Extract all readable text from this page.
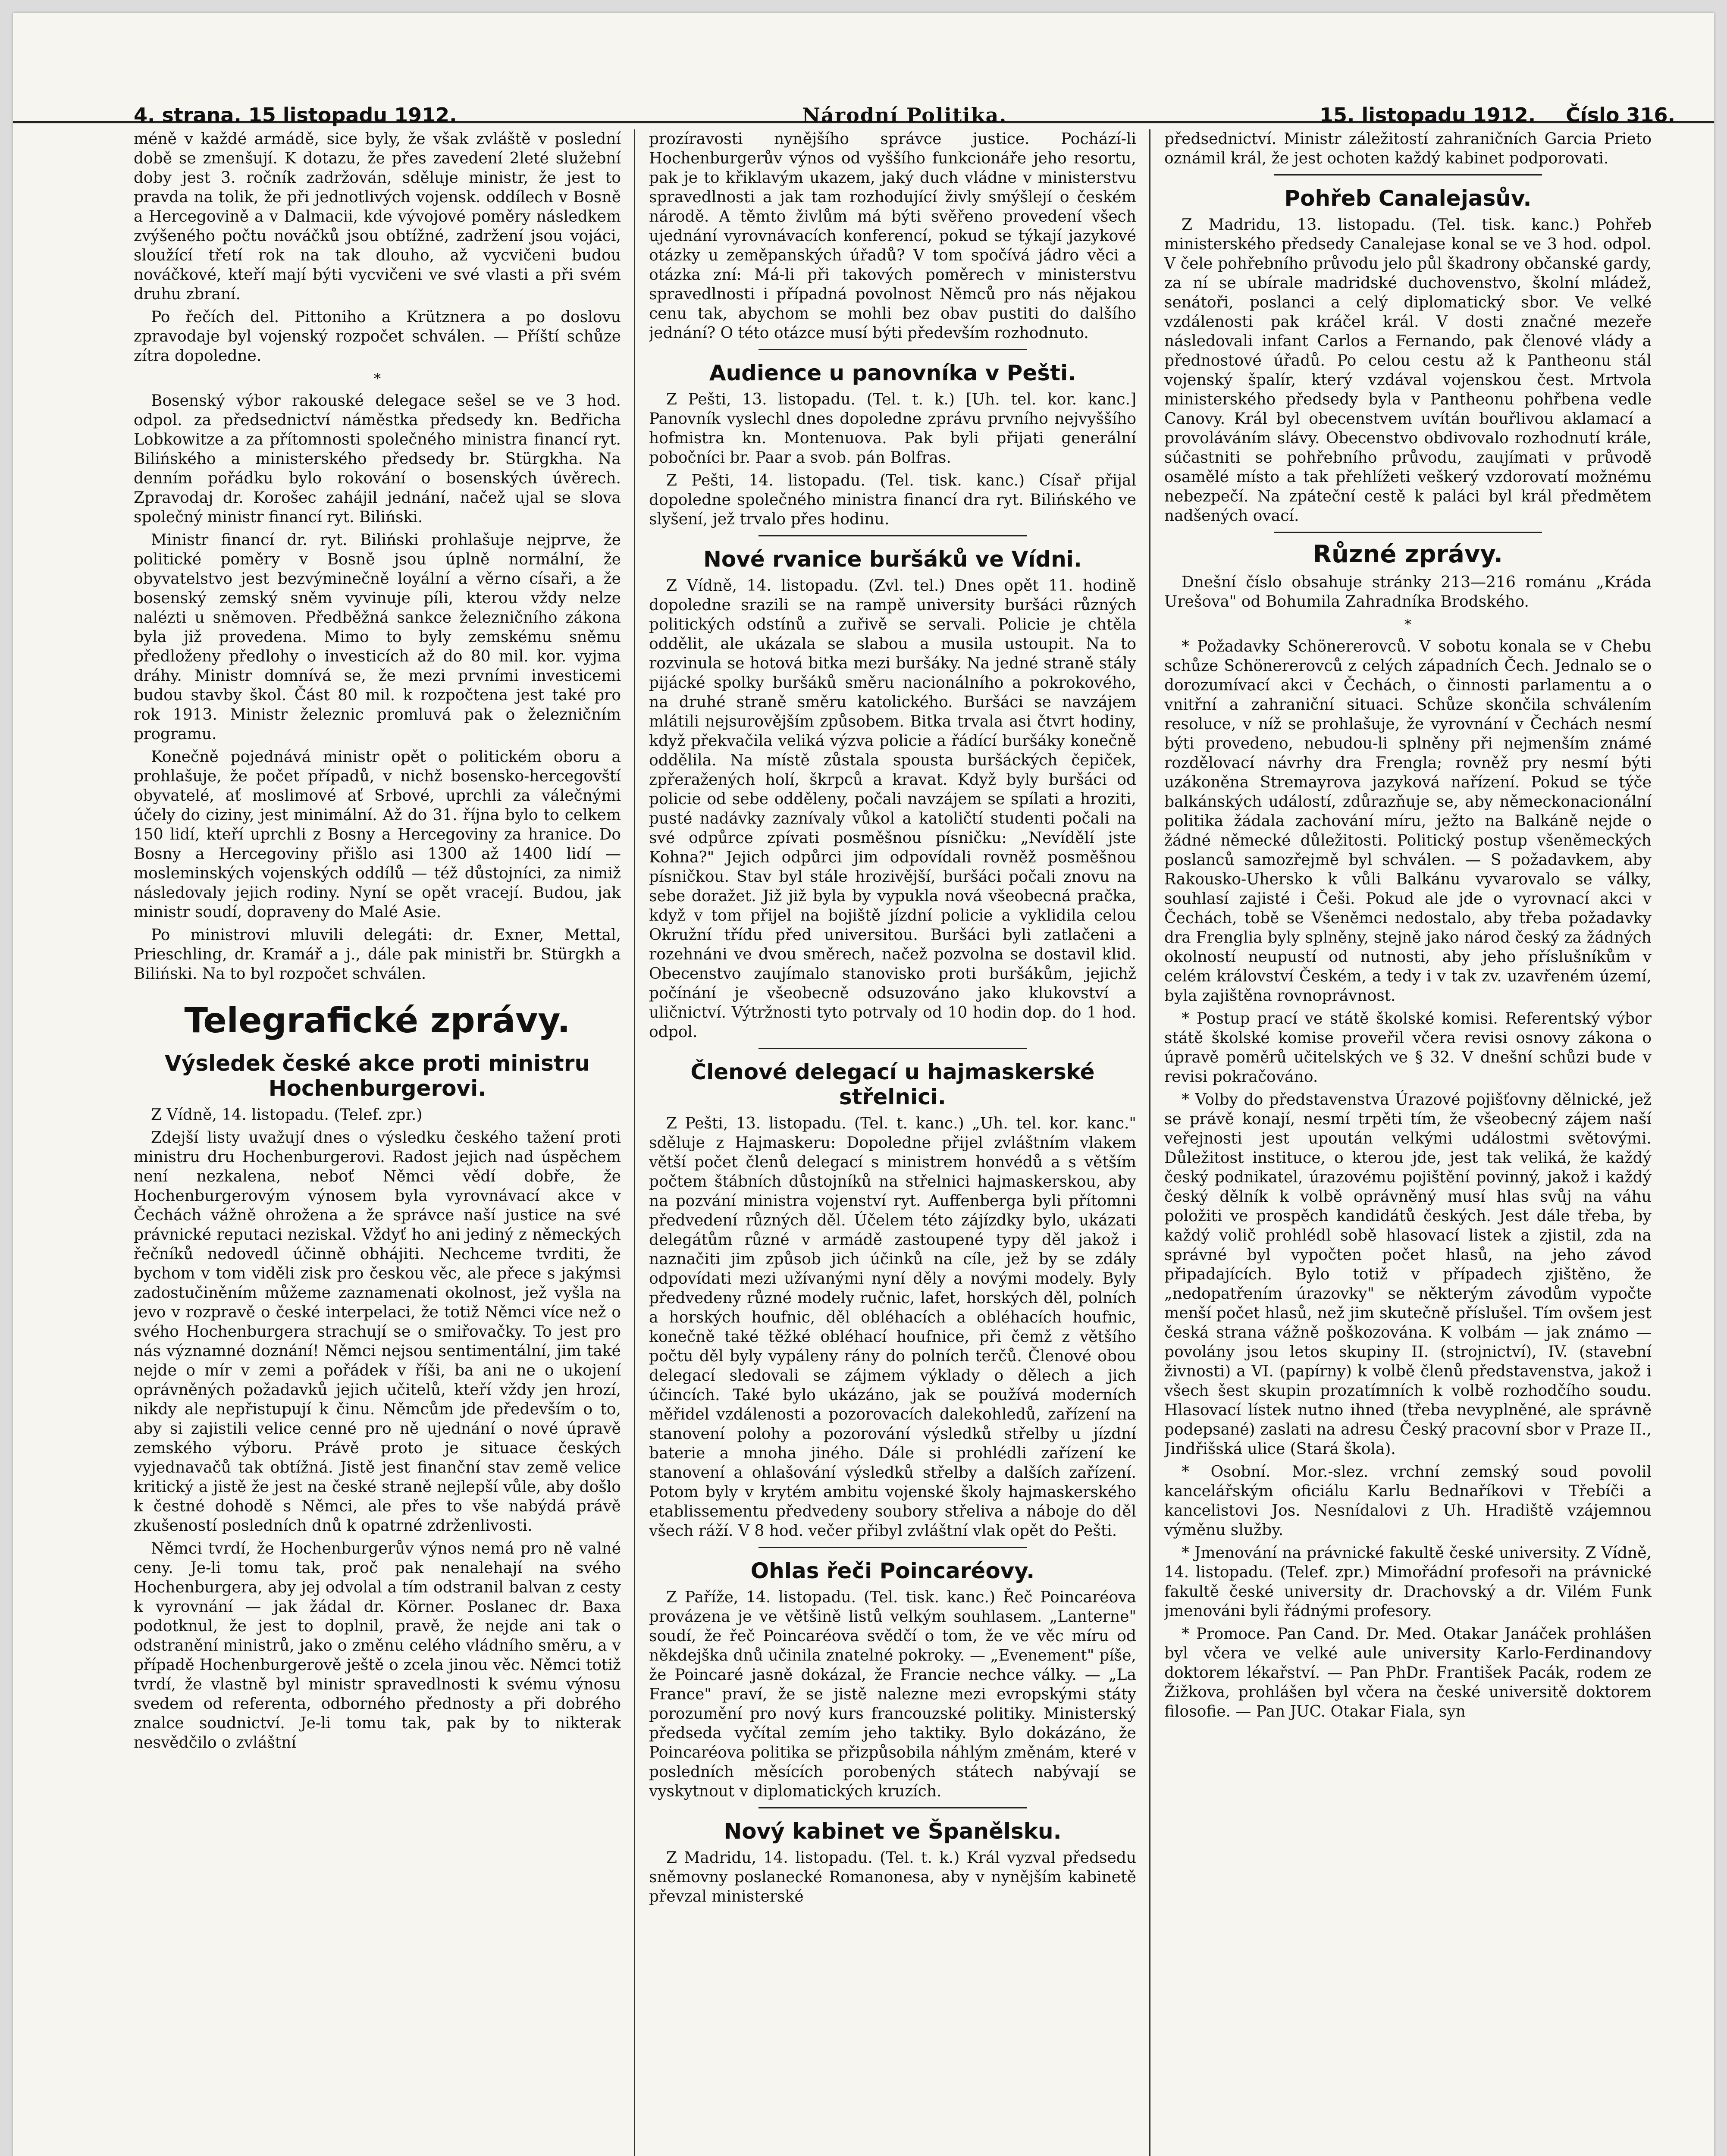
4. strana. 15 listopadu 1912.	Národní Politika.	15. listopadu 1912. Číslo 316.

méně v každé armádě, sice byly, že však zvláště v poslední době se zmenšují. K dotazu, že přes zavedení 2leté služební doby jest 3. ročník zadržován, sděluje ministr, že jest to pravda na tolik, že při jednotlivých vojensk. oddílech v Bosně a Hercegovině a v Dalmacii, kde vývojové poměry následkem zvýšeného počtu nováčků jsou obtížné, zadržení jsou vojáci, sloužící třetí rok na tak dlouho, až vycvičeni budou nováčkové, kteří mají býti vycvičeni ve své vlasti a při svém druhu zbraní.

Po řečích del. Pittoniho a Krütznera a po doslovu zpravodaje byl vojenský rozpočet schválen. — Příští schůze zítra dopoledne.

*

Bosenský výbor rakouské delegace sešel se ve 3 hod. odpol. za předsednictví náměstka předsedy kn. Bedřicha Lobkowitze a za přítomnosti společného ministra financí ryt. Bilińského a ministerského předsedy br. Stürgkha. Na denním pořádku bylo rokování o bosenských úvěrech. Zpravodaj dr. Korošec zahájil jednání, načež ujal se slova společný ministr financí ryt. Biliński.

Ministr financí dr. ryt. Biliński prohlašuje nejprve, že politické poměry v Bosně jsou úplně normální, že obyvatelstvo jest bezvýminečně loyální a věrno císaři, a že bosenský zemský sněm vyvinuje píli, kterou vždy nelze nalézti u sněmoven. Předběžná sankce železničního zákona byla již provedena. Mimo to byly zemskému sněmu předloženy předlohy o investicích až do 80 mil. kor. vyjma dráhy. Ministr domnívá se, že mezi prvními investicemi budou stavby škol. Část 80 mil. k rozpočtena jest také pro rok 1913. Ministr železnic promluvá pak o železničním programu.

Konečně pojednává ministr opět o politickém oboru a prohlašuje, že počet případů, v nichž bosensko-hercegovští obyvatelé, ať moslimové ať Srbové, uprchli za válečnými účely do ciziny, jest minimální. Až do 31. října bylo to celkem 150 lidí, kteří uprchli z Bosny a Hercegoviny za hranice. Do Bosny a Hercegoviny přišlo asi 1300 až 1400 lidí — mosleminských vojenských oddílů — též důstojníci, za nimiž následovaly jejich rodiny. Nyní se opět vracejí. Budou, jak ministr soudí, dopraveny do Malé Asie.

Po ministrovi mluvili delegáti: dr. Exner, Mettal, Prieschling, dr. Kramář a j., dále pak ministři br. Stürgkh a Biliński. Na to byl rozpočet schválen.

Telegrafické zprávy.
Výsledek české akce proti ministru Hochenburgerovi.

Z Vídně, 14. listopadu. (Telef. zpr.)

Zdejší listy uvažují dnes o výsledku českého tažení proti ministru dru Hochenburgerovi. Radost jejich nad úspěchem není nezkalena, neboť Němci vědí dobře, že Hochenburgerovým výnosem byla vyrovnávací akce v Čechách vážně ohrožena a že správce naší justice na své právnické reputaci neziskal. Vždyť ho ani jediný z německých řečníků nedovedl účinně obhájiti. Nechceme tvrditi, že bychom v tom viděli zisk pro českou věc, ale přece s jakýmsi zadostučiněním můžeme zaznamenati okolnost, jež vyšla na jevo v rozpravě o české interpelaci, že totiž Němci více než o svého Hochenburgera strachují se o smiřovačky. To jest pro nás významné doznání! Němci nejsou sentimentální, jim také nejde o mír v zemi a pořádek v říši, ba ani ne o ukojení oprávněných požadavků jejich učitelů, kteří vždy jen hrozí, nikdy ale nepřistupují k činu. Němcům jde především o to, aby si zajistili velice cenné pro ně ujednání o nové úpravě zemského výboru. Právě proto je situace českých vyjednavačů tak obtížná. Jistě jest finanční stav země velice kritický a jistě že jest na české straně nejlepší vůle, aby došlo k čestné dohodě s Němci, ale přes to vše nabýdá právě zkušeností posledních dnů k opatrné zdrženlivosti.

Němci tvrdí, že Hochenburgerův výnos nemá pro ně valné ceny. Je-li tomu tak, proč pak nenalehají na svého Hochenburgera, aby jej odvolal a tím odstranil balvan z cesty k vyrovnání — jak žádal dr. Körner. Poslanec dr. Baxa podotknul, že jest to doplnil, pravě, že nejde ani tak o odstranění ministrů, jako o změnu celého vládního směru, a v případě Hochenburgerově ještě o zcela jinou věc. Němci totiž tvrdí, že vlastně byl ministr spravedlnosti k svému výnosu svedem od referenta, odborného přednosty a při dobrého znalce soudnictví. Je-li tomu tak, pak by to nikterak nesvědčilo o zvláštní

prozíravosti nynějšího správce justice. Pochází-li Hochenburgerův výnos od vyššího funkcionáře jeho resortu, pak je to křiklavým ukazem, jaký duch vládne v ministerstvu spravedlnosti a jak tam rozhodující živly smýšlejí o českém národě. A těmto živlům má býti svěřeno provedení všech ujednání vyrovnávacích konferencí, pokud se týkají jazykové otázky u zeměpanských úřadů? V tom spočívá jádro věci a otázka zní: Má-li při takových poměrech v ministerstvu spravedlnosti i případná povolnost Němců pro nás nějakou cenu tak, abychom se mohli bez obav pustiti do dalšího jednání? O této otázce musí býti především rozhodnuto.

Audience u panovníka v Pešti.

Z Pešti, 13. listopadu. (Tel. t. k.) [Uh. tel. kor. kanc.] Panovník vyslechl dnes dopoledne zprávu prvního nejvyššího hofmistra kn. Montenuova. Pak byli přijati generální pobočníci br. Paar a svob. pán Bolfras.

Z Pešti, 14. listopadu. (Tel. tisk. kanc.) Císař přijal dopoledne společného ministra financí dra ryt. Bilińského ve slyšení, jež trvalo přes hodinu.

Nové rvanice buršáků ve Vídni.

Z Vídně, 14. listopadu. (Zvl. tel.) Dnes opět 11. hodině dopoledne srazili se na rampě university buršáci různých politických odstínů a zuřivě se servali. Policie je chtěla oddělit, ale ukázala se slabou a musila ustoupit. Na to rozvinula se hotová bitka mezi buršáky. Na jedné straně stály pijácké spolky buršáků směru nacionálního a pokrokového, na druhé straně směru katolického. Buršáci se navzájem mlátili nejsurovějším způsobem. Bitka trvala asi čtvrt hodiny, když překvačila veliká výzva policie a řádící buršáky konečně oddělila. Na místě zůstala spousta buršáckých čepiček, zpřeražených holí, škrpců a kravat. Když byly buršáci od policie od sebe odděleny, počali navzájem se spílati a hroziti, pusté nadávky zaznívaly vůkol a katoličtí studenti počali na své odpůrce zpívati posměšnou písničku: „Nevídělí jste Kohna?" Jejich odpůrci jim odpovídali rovněž posměšnou písničkou. Stav byl stále hrozivější, buršáci počali znovu na sebe doražet. Již již byla by vypukla nová všeobecná pračka, když v tom přijel na bojiště jízdní policie a vyklidila celou Okružní třídu před universitou. Buršáci byli zatlačeni a rozehnáni ve dvou směrech, načež pozvolna se dostavil klid. Obecenstvo zaujímalo stanovisko proti buršákům, jejichž počínání je všeobecně odsuzováno jako klukovství a uličnictví. Výtržnosti tyto potrvaly od 10 hodin dop. do 1 hod. odpol.

Členové delegací u hajmaskerské střelnici.

Z Pešti, 13. listopadu. (Tel. t. kanc.) „Uh. tel. kor. kanc." sděluje z Hajmaskeru: Dopoledne přijel zvláštním vlakem větší počet členů delegací s ministrem honvédů a s větším počtem štábních důstojníků na střelnici hajmaskerskou, aby na pozvání ministra vojenství ryt. Auffenberga byli přítomni předvedení různých děl. Účelem této zájízdky bylo, ukázati delegátům různé v armádě zastoupené typy děl jakož i naznačiti jim způsob jich účinků na cíle, jež by se zdály odpovídati mezi užívanými nyní děly a novými modely. Byly předvedeny různé modely ručnic, lafet, horských děl, polních a horských houfnic, děl obléhacích a obléhacích houfnic, konečně také těžké obléhací houfnice, při čemž z většího počtu děl byly vypáleny rány do polních terčů. Členové obou delegací sledovali se zájmem výklady o dělech a jich účincích. Také bylo ukázáno, jak se používá moderních měřidel vzdálenosti a pozorovacích dalekohledů, zařízení na stanovení polohy a pozorování výsledků střelby u jízdní baterie a mnoha jiného. Dále si prohlédli zařízení ke stanovení a ohlašování výsledků střelby a dalších zařízení. Potom byly v krytém ambitu vojenské školy hajmaskerského etablissementu předvedeny soubory střeliva a náboje do děl všech ráží. V 8 hod. večer přibyl zvláštní vlak opět do Pešti.

Ohlas řeči Poincaréovy.

Z Paříže, 14. listopadu. (Tel. tisk. kanc.) Řeč Poincaréova provázena je ve většině listů velkým souhlasem. „Lanterne" soudí, že řeč Poincaréova svědčí o tom, že ve věc míru od někdejška dnů učinila znatelné pokroky. — „Evenement" píše, že Poincaré jasně dokázal, že Francie nechce války. — „La France" praví, že se jistě nalezne mezi evropskými státy porozumění pro nový kurs francouzské politiky. Ministerský předseda vyčítal zemím jeho taktiky. Bylo dokázáno, že Poincaréova politika se přizpůsobila náhlým změnám, které v posledních měsících porobených státech nabývají se vyskytnout v diplomatických kruzích.

Nový kabinet ve Španělsku.

Z Madridu, 14. listopadu. (Tel. t. k.) Král vyzval předsedu sněmovny poslanecké Romanonesa, aby v nynějším kabinetě převzal ministerské

předsednictví. Ministr záležitostí zahraničních Garcia Prieto oznámil král, že jest ochoten každý kabinet podporovati.

Pohřeb Canalejasův.

Z Madridu, 13. listopadu. (Tel. tisk. kanc.) Pohřeb ministerského předsedy Canalejase konal se ve 3 hod. odpol. V čele pohřebního průvodu jelo půl škadrony občanské gardy, za ní se ubírale madridské duchovenstvo, školní mládež, senátoři, poslanci a celý diplomatický sbor. Ve velké vzdálenosti pak kráčel král. V dosti značné mezeře následovali infant Carlos a Fernando, pak členové vlády a přednostové úřadů. Po celou cestu až k Pantheonu stál vojenský špalír, který vzdával vojenskou čest. Mrtvola ministerského předsedy byla v Pantheonu pohřbena vedle Canovy. Král byl obecenstvem uvítán bouřlivou aklamací a provoláváním slávy. Obecenstvo obdivovalo rozhodnutí krále, súčastniti se pohřebního průvodu, zaujímati v průvodě osamělé místo a tak přehlížeti veškerý vzdorovatí možnému nebezpečí. Na zpáteční cestě k paláci byl král předmětem nadšených ovací.

Různé zprávy.

Dnešní číslo obsahuje stránky 213—216 románu „Kráda Urešova" od Bohumila Zahradníka Brodského.

*

* Požadavky Schönererovců. V sobotu konala se v Chebu schůze Schönererovců z celých západních Čech. Jednalo se o dorozumívací akci v Čechách, o činnosti parlamentu a o vnitřní a zahraniční situaci. Schůze skončila schválením resoluce, v níž se prohlašuje, že vyrovnání v Čechách nesmí býti provedeno, nebudou-li splněny při nejmenším známé rozdělovací návrhy dra Frengla; rovněž pry nesmí býti uzákoněna Stremayrova jazyková nařízení. Pokud se týče balkánských událostí, zdůrazňuje se, aby německonacionální politika žádala zachování míru, ježto na Balkáně nejde o žádné německé důležitosti. Politický postup všeněmeckých poslanců samozřejmě byl schválen. — S požadavkem, aby Rakousko-Uhersko k vůli Balkánu vyvarovalo se války, souhlasí zajisté i Češi. Pokud ale jde o vyrovnací akci v Čechách, tobě se Všeněmci nedostalo, aby třeba požadavky dra Frenglia byly splněny, stejně jako národ český za žádných okolností neupustí od nutnosti, aby jeho příslušníkům v celém království Českém, a tedy i v tak zv. uzavřeném území, byla zajištěna rovnoprávnost.

* Postup prací ve státě školské komisi. Referentský výbor státě školské komise proveřil včera revisi osnovy zákona o úpravě poměrů učitelských ve § 32. V dnešní schůzi bude v revisi pokračováno.

* Volby do představenstva Úrazové pojišťovny dělnické, jež se právě konají, nesmí trpěti tím, že všeobecný zájem naší veřejnosti jest upoután velkými událostmi světovými. Důležitost instituce, o kterou jde, jest tak veliká, že každý český podnikatel, úrazovému pojištění povinný, jakož i každý český dělník k volbě oprávněný musí hlas svůj na váhu položiti ve prospěch kandidátů českých. Jest dále třeba, by každý volič prohlédl sobě hlasovací listek a zjistil, zda na správné byl vypočten počet hlasů, na jeho závod připadajících. Bylo totiž v případech zjištěno, že „nedopatřením úrazovky" se některým závodům vypočte menší počet hlasů, než jim skutečně příslušel. Tím ovšem jest česká strana vážně poškozována. K volbám — jak známo — povolány jsou letos skupiny II. (strojnictví), IV. (stavební živnosti) a VI. (papírny) k volbě členů představenstva, jakož i všech šest skupin prozatímních k volbě rozhodčího soudu. Hlasovací lístek nutno ihned (třeba nevyplněné, ale správně podepsané) zaslati na adresu Český pracovní sbor v Praze II., Jindřišská ulice (Stará škola).

* Osobní. Mor.-slez. vrchní zemský soud povolil kancelářským oficiálu Karlu Bednaříkovi v Třebíči a kancelistovi Jos. Nesnídalovi z Uh. Hradiště vzájemnou výměnu služby.

* Jmenování na právnické fakultě české university. Z Vídně, 14. listopadu. (Telef. zpr.) Mimořádní profesoři na právnické fakultě české university dr. Drachovský a dr. Vilém Funk jmenováni byli řádnými profesory.

* Promoce. Pan Cand. Dr. Med. Otakar Janáček prohlášen byl včera ve velké aule university Karlo-Ferdinandovy doktorem lékařství. — Pan PhDr. František Pacák, rodem ze Žižkova, prohlášen byl včera na české universitě doktorem filosofie. — Pan JUC. Otakar Fiala, syn
